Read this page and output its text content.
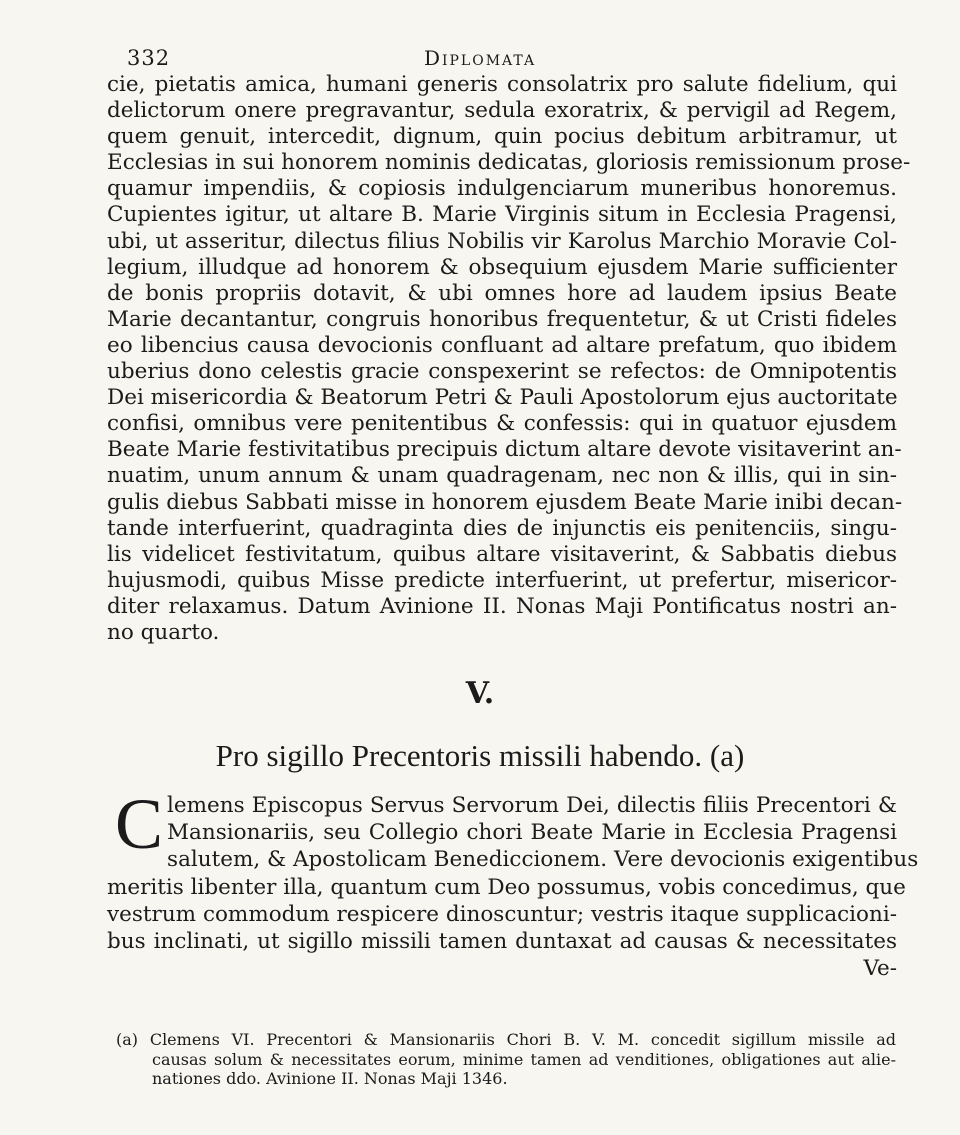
332	Diplomata
cie, pietatis amica, humani generis consolatrix pro salute fidelium, qui
delictorum onere pregravantur, sedula exoratrix, & pervigil ad Regem,
quem genuit, intercedit, dignum, quin pocius debitum arbitramur, ut
Ecclesias in sui honorem nominis dedicatas, gloriosis remissionum prose-
quamur impendiis, & copiosis indulgenciarum muneribus honoremus.
Cupientes igitur, ut altare B. Marie Virginis situm in Ecclesia Pragensi,
ubi, ut asseritur, dilectus filius Nobilis vir Karolus Marchio Moravie Col-
legium, illudque ad honorem & obsequium ejusdem Marie sufficienter
de bonis propriis dotavit, & ubi omnes hore ad laudem ipsius Beate
Marie decantantur, congruis honoribus frequentetur, & ut Cristi fideles
eo libencius causa devocionis confluant ad altare prefatum, quo ibidem
uberius dono celestis gracie conspexerint se refectos: de Omnipotentis
Dei misericordia & Beatorum Petri & Pauli Apostolorum ejus auctoritate
confisi, omnibus vere penitentibus & confessis: qui in quatuor ejusdem
Beate Marie festivitatibus precipuis dictum altare devote visitaverint an-
nuatim, unum annum & unam quadragenam, nec non & illis, qui in sin-
gulis diebus Sabbati misse in honorem ejusdem Beate Marie inibi decan-
tande interfuerint, quadraginta dies de injunctis eis penitenciis, singu-
lis videlicet festivitatum, quibus altare visitaverint, & Sabbatis diebus
hujusmodi, quibus Misse predicte interfuerint, ut prefertur, misericor-
diter relaxamus. Datum Avinione II. Nonas Maji Pontificatus nostri an-
no quarto.
V.
Pro sigillo Precentoris missili habendo. (a)
C lemens Episcopus Servus Servorum Dei, dilectis filiis Precentori &
Mansionariis, seu Collegio chori Beate Marie in Ecclesia Pragensi
salutem, & Apostolicam Benediccionem. Vere devocionis exigentibus
meritis libenter illa, quantum cum Deo possumus, vobis concedimus, que
vestrum commodum respicere dinoscuntur; vestris itaque supplicacioni-
bus inclinati, ut sigillo missili tamen duntaxat ad causas & necessitates
Ve-
(a) Clemens VI. Precentori & Mansionariis Chori B. V. M. concedit sigillum missile ad
causas solum & necessitates eorum, minime tamen ad venditiones, obligationes aut alie-
nationes ddo. Avinione II. Nonas Maji 1346.
